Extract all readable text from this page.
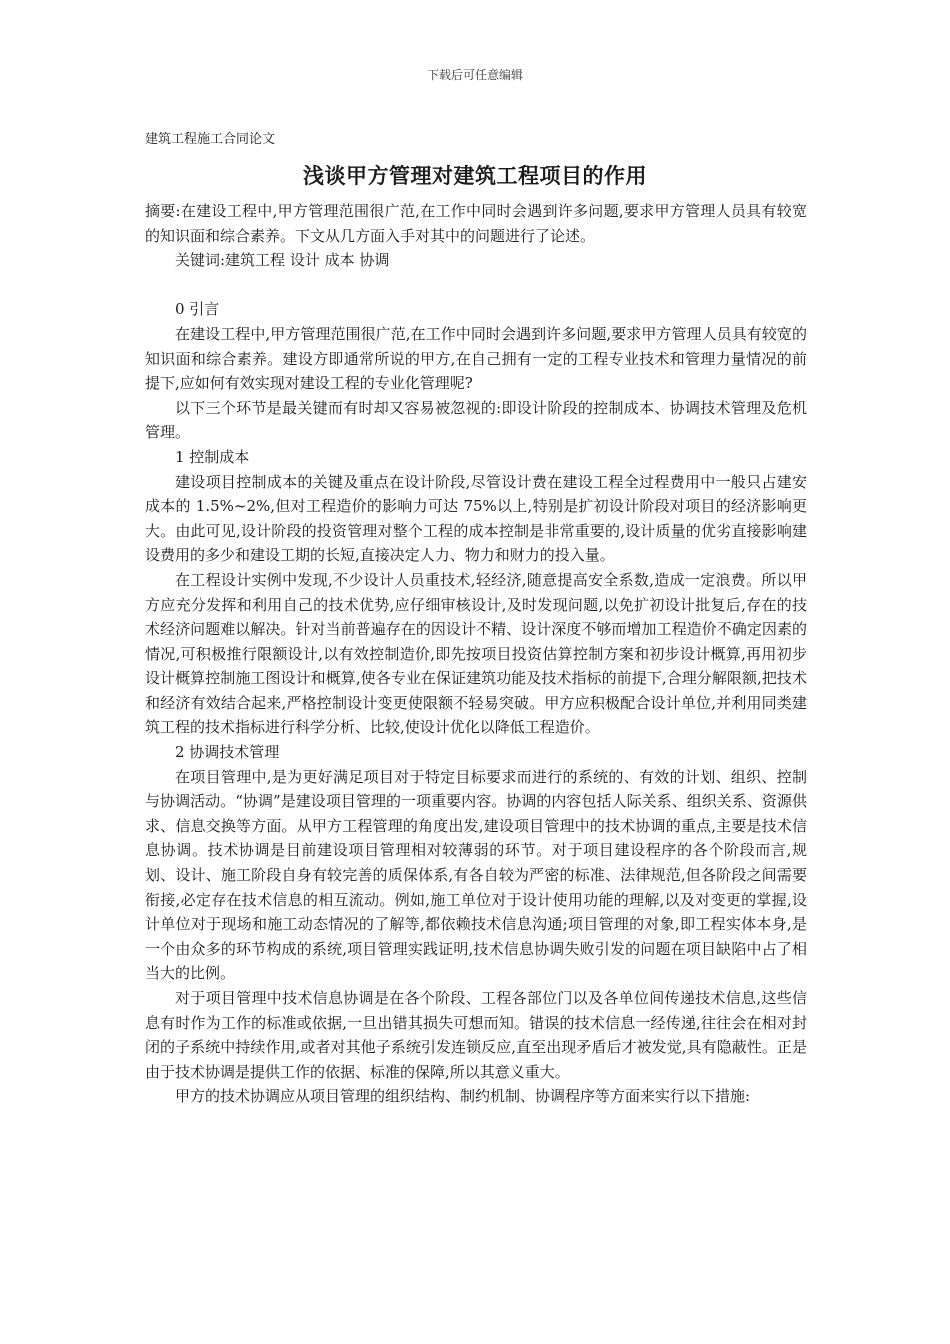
下载后可任意编辑
建筑工程施工合同论文
浅谈甲方管理对建筑工程项目的作用

摘要:在建设工程中,甲方管理范围很广范,在工作中同时会遇到许多问题,要求甲方管理人员具有较宽的知识面和综合素养。下文从几方面入手对其中的问题进行了论述。

关键词:建筑工程 设计 成本 协调

0 引言

在建设工程中,甲方管理范围很广范,在工作中同时会遇到许多问题,要求甲方管理人员具有较宽的知识面和综合素养。建设方即通常所说的甲方,在自己拥有一定的工程专业技术和管理力量情况的前提下,应如何有效实现对建设工程的专业化管理呢?

以下三个环节是最关键而有时却又容易被忽视的:即设计阶段的控制成本、协调技术管理及危机管理。

1 控制成本

建设项目控制成本的关键及重点在设计阶段,尽管设计费在建设工程全过程费用中一般只占建安成本的 1.5%~2%,但对工程造价的影响力可达 75%以上,特别是扩初设计阶段对项目的经济影响更大。由此可见,设计阶段的投资管理对整个工程的成本控制是非常重要的,设计质量的优劣直接影响建设费用的多少和建设工期的长短,直接决定人力、物力和财力的投入量。

在工程设计实例中发现,不少设计人员重技术,轻经济,随意提高安全系数,造成一定浪费。所以甲方应充分发挥和利用自己的技术优势,应仔细审核设计,及时发现问题,以免扩初设计批复后,存在的技术经济问题难以解决。针对当前普遍存在的因设计不精、设计深度不够而增加工程造价不确定因素的情况,可积极推行限额设计,以有效控制造价,即先按项目投资估算控制方案和初步设计概算,再用初步设计概算控制施工图设计和概算,使各专业在保证建筑功能及技术指标的前提下,合理分解限额,把技术和经济有效结合起来,严格控制设计变更使限额不轻易突破。甲方应积极配合设计单位,并利用同类建筑工程的技术指标进行科学分析、比较,使设计优化以降低工程造价。

2 协调技术管理

在项目管理中,是为更好满足项目对于特定目标要求而进行的系统的、有效的计划、组织、控制与协调活动。“协调”是建设项目管理的一项重要内容。协调的内容包括人际关系、组织关系、资源供求、信息交换等方面。从甲方工程管理的角度出发,建设项目管理中的技术协调的重点,主要是技术信息协调。技术协调是目前建设项目管理相对较薄弱的环节。对于项目建设程序的各个阶段而言,规划、设计、施工阶段自身有较完善的质保体系,有各自较为严密的标准、法律规范,但各阶段之间需要衔接,必定存在技术信息的相互流动。例如,施工单位对于设计使用功能的理解,以及对变更的掌握,设计单位对于现场和施工动态情况的了解等,都依赖技术信息沟通;项目管理的对象,即工程实体本身,是一个由众多的环节构成的系统,项目管理实践证明,技术信息协调失败引发的问题在项目缺陷中占了相当大的比例。

对于项目管理中技术信息协调是在各个阶段、工程各部位门以及各单位间传递技术信息,这些信息有时作为工作的标准或依据,一旦出错其损失可想而知。错误的技术信息一经传递,往往会在相对封闭的子系统中持续作用,或者对其他子系统引发连锁反应,直至出现矛盾后才被发觉,具有隐蔽性。正是由于技术协调是提供工作的依据、标准的保障,所以其意义重大。

甲方的技术协调应从项目管理的组织结构、制约机制、协调程序等方面来实行以下措施:
